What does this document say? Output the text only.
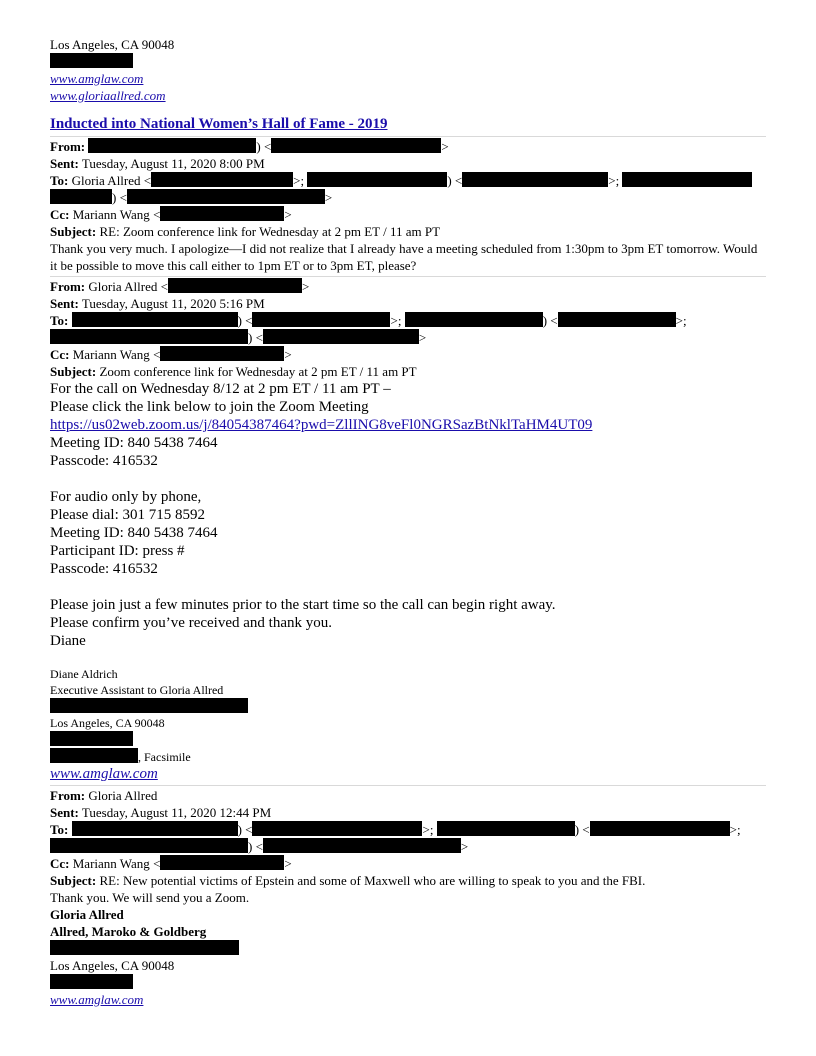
Los Angeles, CA 90048
www.amglaw.com
www.gloriaallred.com
Inducted into National Women’s Hall of Fame - 2019
From:	) <	>
Sent: Tuesday, August 11, 2020 8:00 PM
To: Gloria Allred <	>;	) <	>;
) <	>
Cc: Mariann Wang <	>
Subject: RE: Zoom conference link for Wednesday at 2 pm ET / 11 am PT
Thank you very much. I apologize—I did not realize that I already have a meeting scheduled from 1:30pm to 3pm ET tomorrow. Would it be possible to move this call either to 1pm ET or to 3pm ET, please?
From: Gloria Allred <	>
Sent: Tuesday, August 11, 2020 5:16 PM
To:	) <	>;	) <	>;
) <	>
Cc: Mariann Wang <	>
Subject: Zoom conference link for Wednesday at 2 pm ET / 11 am PT
For the call on Wednesday 8/12 at 2 pm ET / 11 am PT –
Please click the link below to join the Zoom Meeting
https://us02web.zoom.us/j/84054387464?pwd=ZllING8veFl0NGRSazBtNklTaHM4UT09
Meeting ID: 840 5438 7464
Passcode: 416532
For audio only by phone,
Please dial: 301 715 8592
Meeting ID: 840 5438 7464
Participant ID: press #
Passcode: 416532
Please join just a few minutes prior to the start time so the call can begin right away.
Please confirm you’ve received and thank you.
Diane
Diane Aldrich
Executive Assistant to Gloria Allred
Los Angeles, CA 90048
, Facsimile
www.amglaw.com
From: Gloria Allred
Sent: Tuesday, August 11, 2020 12:44 PM
To:	) <	>;	) <	>;
) <	>
Cc: Mariann Wang <	>
Subject: RE: New potential victims of Epstein and some of Maxwell who are willing to speak to you and the FBI.
Thank you. We will send you a Zoom.
Gloria Allred
Allred, Maroko & Goldberg
Los Angeles, CA 90048
www.amglaw.com
